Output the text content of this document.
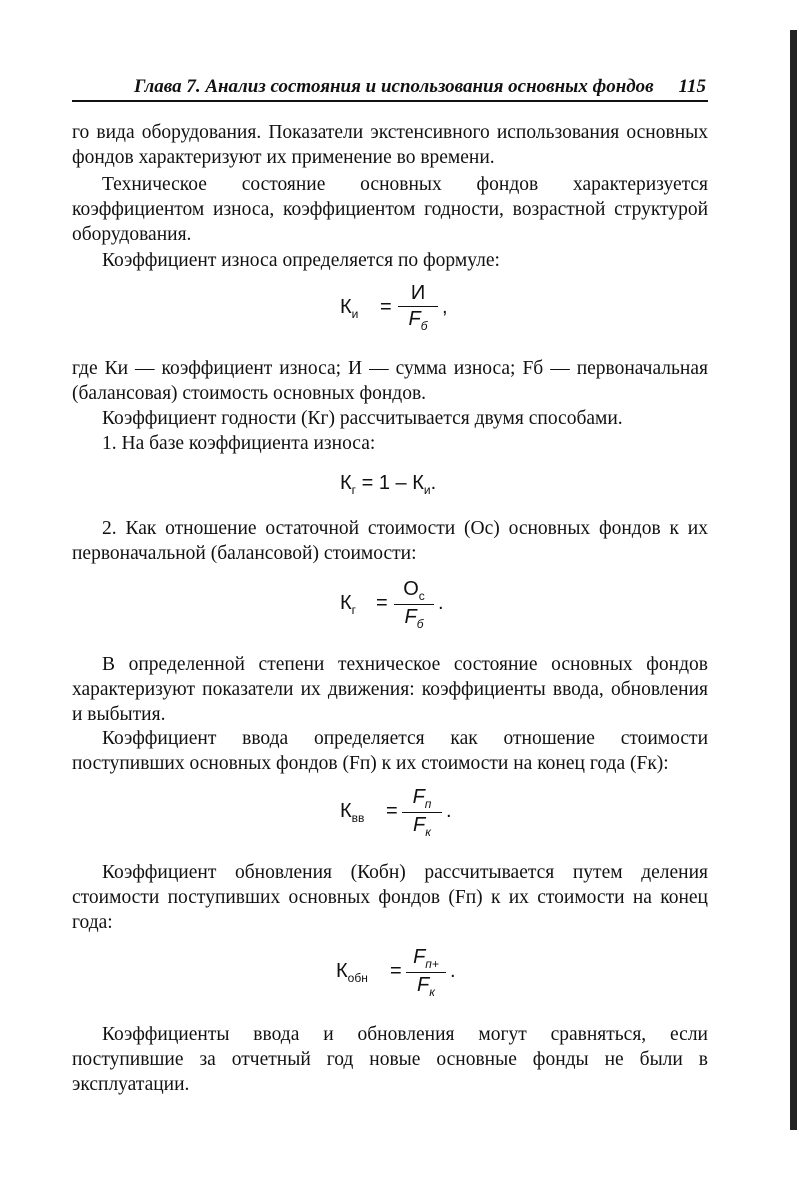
Глава 7. Анализ состояния и использования основных фондов 115

го вида оборудования. Показатели экстенсивного использования основных фондов характеризуют их применение во времени.

Техническое состояние основных фондов характеризуется коэффициентом износа, коэффициентом годности, возрастной структурой оборудования.

Коэффициент износа определяется по формуле:

$К_и$ =
И
$F_б$
,

где Ки — коэффициент износа; И — сумма износа; Fб — первоначальная (балансовая) стоимость основных фондов.

Коэффициент годности (Кг) рассчитывается двумя способами.

1. На базе коэффициента износа:

$К_г = 1 - К_и$.

2. Как отношение остаточной стоимости (Ос) основных фондов к их первоначальной (балансовой) стоимости:

$К_г$ =
$О_с$
$F_б$
.

В определенной степени техническое состояние основных фондов характеризуют показатели их движения: коэффициенты ввода, обновления и выбытия.

Коэффициент ввода определяется как отношение стоимости поступивших основных фондов (Fп) к их стоимости на конец года (Fк):

$К_{вв}$ =
$F_п$
$F_к$
.

Коэффициент обновления (Кобн) рассчитывается путем деления стоимости поступивших основных фондов (Fп) к их стоимости на конец года:

$К_{обн}$ =
$F_{п+}$
$F_к$
.

Коэффициенты ввода и обновления могут сравняться, если поступившие за отчетный год новые основные фонды не были в эксплуатации.
